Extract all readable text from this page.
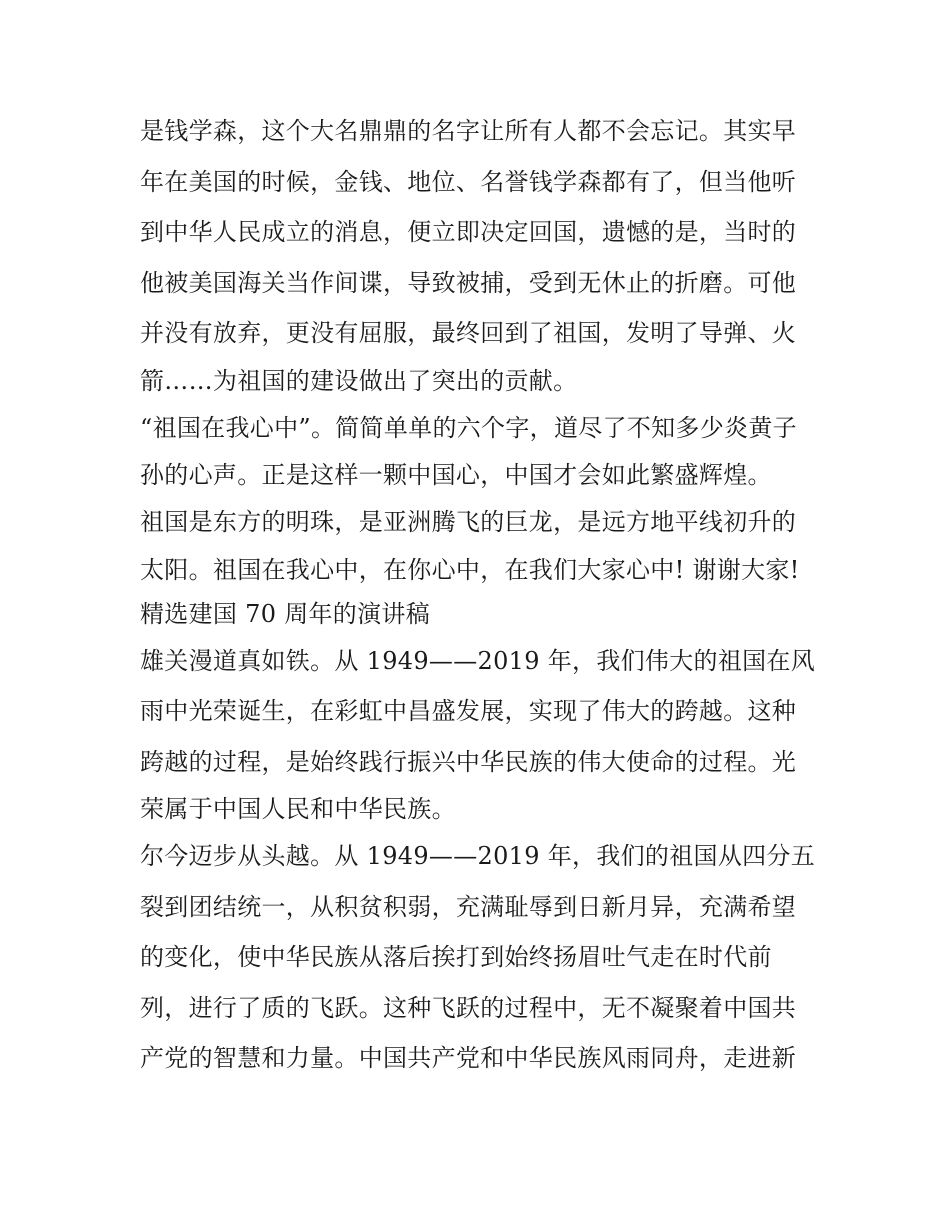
是钱学森，这个大名鼎鼎的名字让所有人都不会忘记。其实早
年在美国的时候，金钱、地位、名誉钱学森都有了，但当他听
到中华人民成立的消息，便立即决定回国，遗憾的是，当时的
他被美国海关当作间谍，导致被捕，受到无休止的折磨。可他
并没有放弃，更没有屈服，最终回到了祖国，发明了导弹、火
箭……为祖国的建设做出了突出的贡献。
“祖国在我心中”。简简单单的六个字，道尽了不知多少炎黄子
孙的心声。正是这样一颗中国心，中国才会如此繁盛辉煌。
祖国是东方的明珠，是亚洲腾飞的巨龙，是远方地平线初升的
太阳。祖国在我心中，在你心中，在我们大家心中! 谢谢大家!
精选建国 70 周年的演讲稿
雄关漫道真如铁。从 1949——2019 年，我们伟大的祖国在风
雨中光荣诞生，在彩虹中昌盛发展，实现了伟大的跨越。这种
跨越的过程，是始终践行振兴中华民族的伟大使命的过程。光
荣属于中国人民和中华民族。
尔今迈步从头越。从 1949——2019 年，我们的祖国从四分五
裂到团结统一，从积贫积弱，充满耻辱到日新月异，充满希望
的变化，使中华民族从落后挨打到始终扬眉吐气走在时代前
列，进行了质的飞跃。这种飞跃的过程中，无不凝聚着中国共
产党的智慧和力量。中国共产党和中华民族风雨同舟，走进新
